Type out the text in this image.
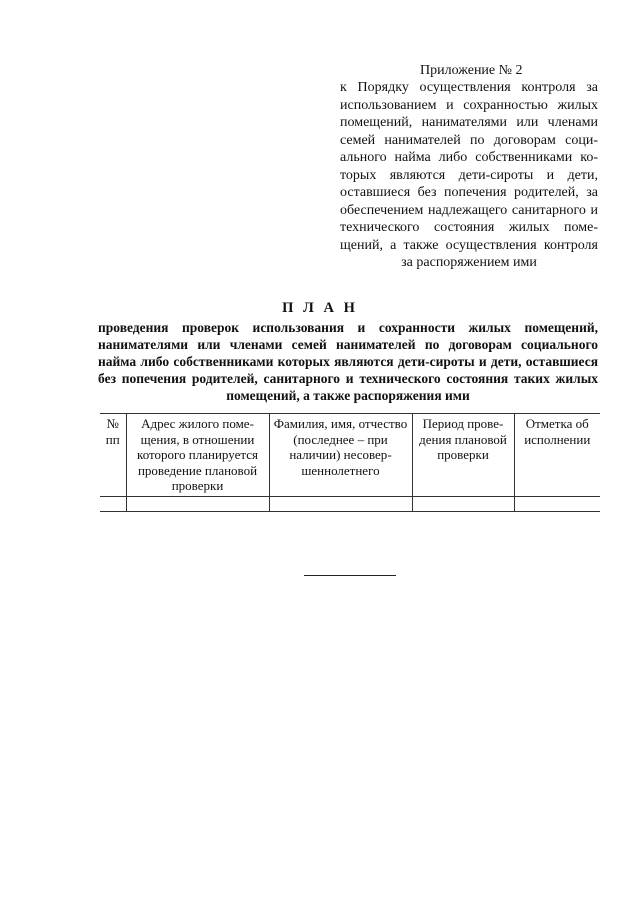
Приложение № 2
к Порядку осуществления контроля за использованием и сохранностью жилых помещений, нанимателями или членами семей нанимателей по договорам социального найма либо собственниками которых являются дети-сироты и дети, оставшиеся без попечения родителей, за обеспечением надлежащего санитарного и технического состояния жилых помещений, а также осуществления контроля за распоряжением ими
П Л А Н
проведения проверок использования и сохранности жилых помещений, нанимателями или членами семей нанимателей по договорам социального найма либо собственниками которых являются дети-сироты и дети, оставшиеся без попечения родителей, санитарного и технического состояния таких жилых помещений, а также распоряжения ими
№ пп	Адрес жилого помещения, в отношении которого планируется проведение плановой проверки	Фамилия, имя, отчество (последнее – при наличии) несовершеннолетнего	Период проведения плановой проверки	Отметка об исполнении
